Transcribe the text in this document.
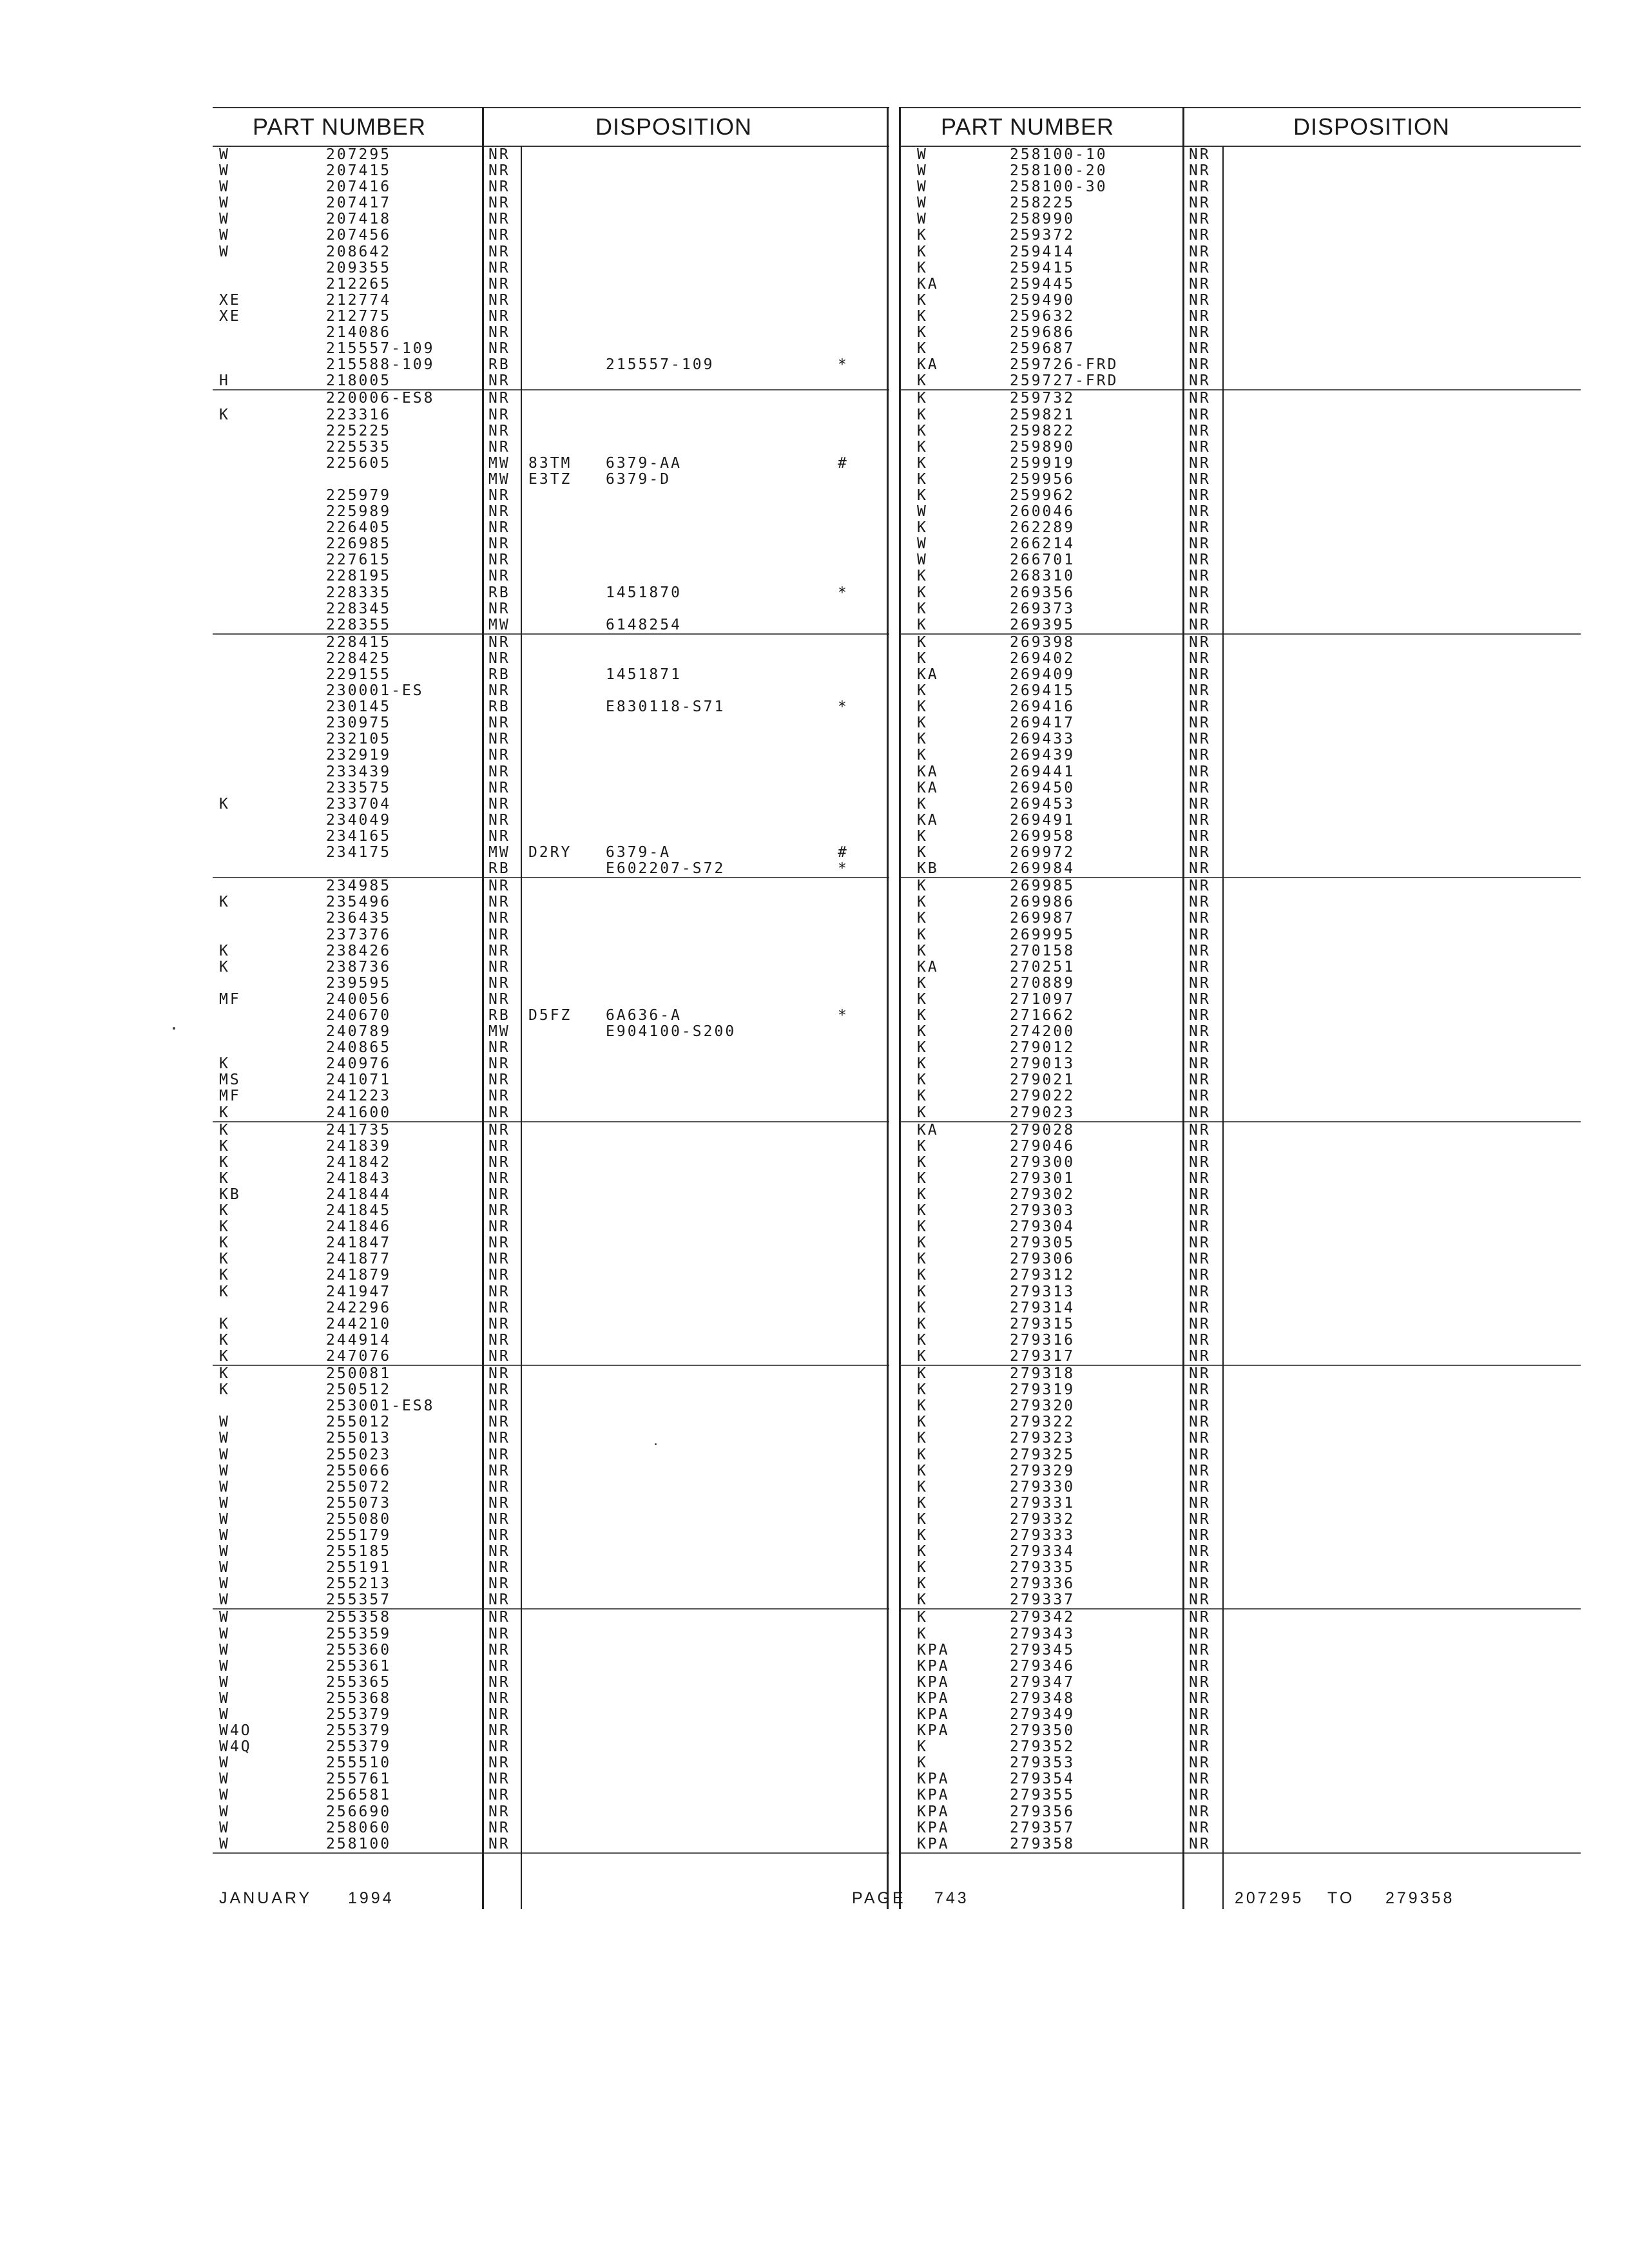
PART NUMBER	DISPOSITION
W	207295	NR
W	207415	NR
W	207416	NR
W	207417	NR
W	207418	NR
W	207456	NR
W	208642	NR
209355	NR
212265	NR
XE	212774	NR
XE	212775	NR
214086	NR
215557-109	NR
215588-109	RB	215557-109	*
H	218005	NR
220006-ES8	NR
K	223316	NR
225225	NR
225535	NR
225605	MW 83TM 6379-AA	#
MW E3TZ 6379-D
225979	NR
225989	NR
226405	NR
226985	NR
227615	NR
228195	NR
228335	RB	1451870	*
228345	NR
228355	MW	6148254
228415	NR
228425	NR
229155	RB	1451871
230001-ES	NR
230145	RB	E830118-S71	*
230975	NR
232105	NR
232919	NR
233439	NR
233575	NR
K	233704	NR
234049	NR
234165	NR
234175	MW D2RY 6379-A	#
RB	E602207-S72	*
234985	NR
K	235496	NR
236435	NR
237376	NR
K	238426	NR
K	238736	NR
239595	NR
MF	240056	NR
240670	RB D5FZ 6A636-A	*
240789	MW	E904100-S200
240865	NR
K	240976	NR
MS	241071	NR
MF	241223	NR
K	241600	NR
K	241735	NR
K	241839	NR
K	241842	NR
K	241843	NR
KB	241844	NR
K	241845	NR
K	241846	NR
K	241847	NR
K	241877	NR
K	241879	NR
K	241947	NR
242296	NR
K	244210	NR
K	244914	NR
K	247076	NR
K	250081	NR
K	250512	NR
253001-ES8	NR
W	255012	NR
W	255013	NR
W	255023	NR
W	255066	NR
W	255072	NR
W	255073	NR
W	255080	NR
W	255179	NR
W	255185	NR
W	255191	NR
W	255213	NR
W	255357	NR
W	255358	NR
W	255359	NR
W	255360	NR
W	255361	NR
W	255365	NR
W	255368	NR
W	255379	NR
W4O	255379	NR
W4Q	255379	NR
W	255510	NR
W	255761	NR
W	256581	NR
W	256690	NR
W	258060	NR
W	258100	NR
PART NUMBER	DISPOSITION
W	258100-10	NR
W	258100-20	NR
W	258100-30	NR
W	258225	NR
W	258990	NR
K	259372	NR
K	259414	NR
K	259415	NR
KA	259445	NR
K	259490	NR
K	259632	NR
K	259686	NR
K	259687	NR
KA	259726-FRD	NR
K	259727-FRD	NR
K	259732	NR
K	259821	NR
K	259822	NR
K	259890	NR
K	259919	NR
K	259956	NR
K	259962	NR
W	260046	NR
K	262289	NR
W	266214	NR
W	266701	NR
K	268310	NR
K	269356	NR
K	269373	NR
K	269395	NR
K	269398	NR
K	269402	NR
KA	269409	NR
K	269415	NR
K	269416	NR
K	269417	NR
K	269433	NR
K	269439	NR
KA	269441	NR
KA	269450	NR
K	269453	NR
KA	269491	NR
K	269958	NR
K	269972	NR
KB	269984	NR
K	269985	NR
K	269986	NR
K	269987	NR
K	269995	NR
K	270158	NR
KA	270251	NR
K	270889	NR
K	271097	NR
K	271662	NR
K	274200	NR
K	279012	NR
K	279013	NR
K	279021	NR
K	279022	NR
K	279023	NR
KA	279028	NR
K	279046	NR
K	279300	NR
K	279301	NR
K	279302	NR
K	279303	NR
K	279304	NR
K	279305	NR
K	279306	NR
K	279312	NR
K	279313	NR
K	279314	NR
K	279315	NR
K	279316	NR
K	279317	NR
K	279318	NR
K	279319	NR
K	279320	NR
K	279322	NR
K	279323	NR
K	279325	NR
K	279329	NR
K	279330	NR
K	279331	NR
K	279332	NR
K	279333	NR
K	279334	NR
K	279335	NR
K	279336	NR
K	279337	NR
K	279342	NR
K	279343	NR
KPA	279345	NR
KPA	279346	NR
KPA	279347	NR
KPA	279348	NR
KPA	279349	NR
KPA	279350	NR
K	279352	NR
K	279353	NR
KPA	279354	NR
KPA	279355	NR
KPA	279356	NR
KPA	279357	NR
KPA	279358	NR
JANUARY 1994	PAGE 743	207295 TO 279358
